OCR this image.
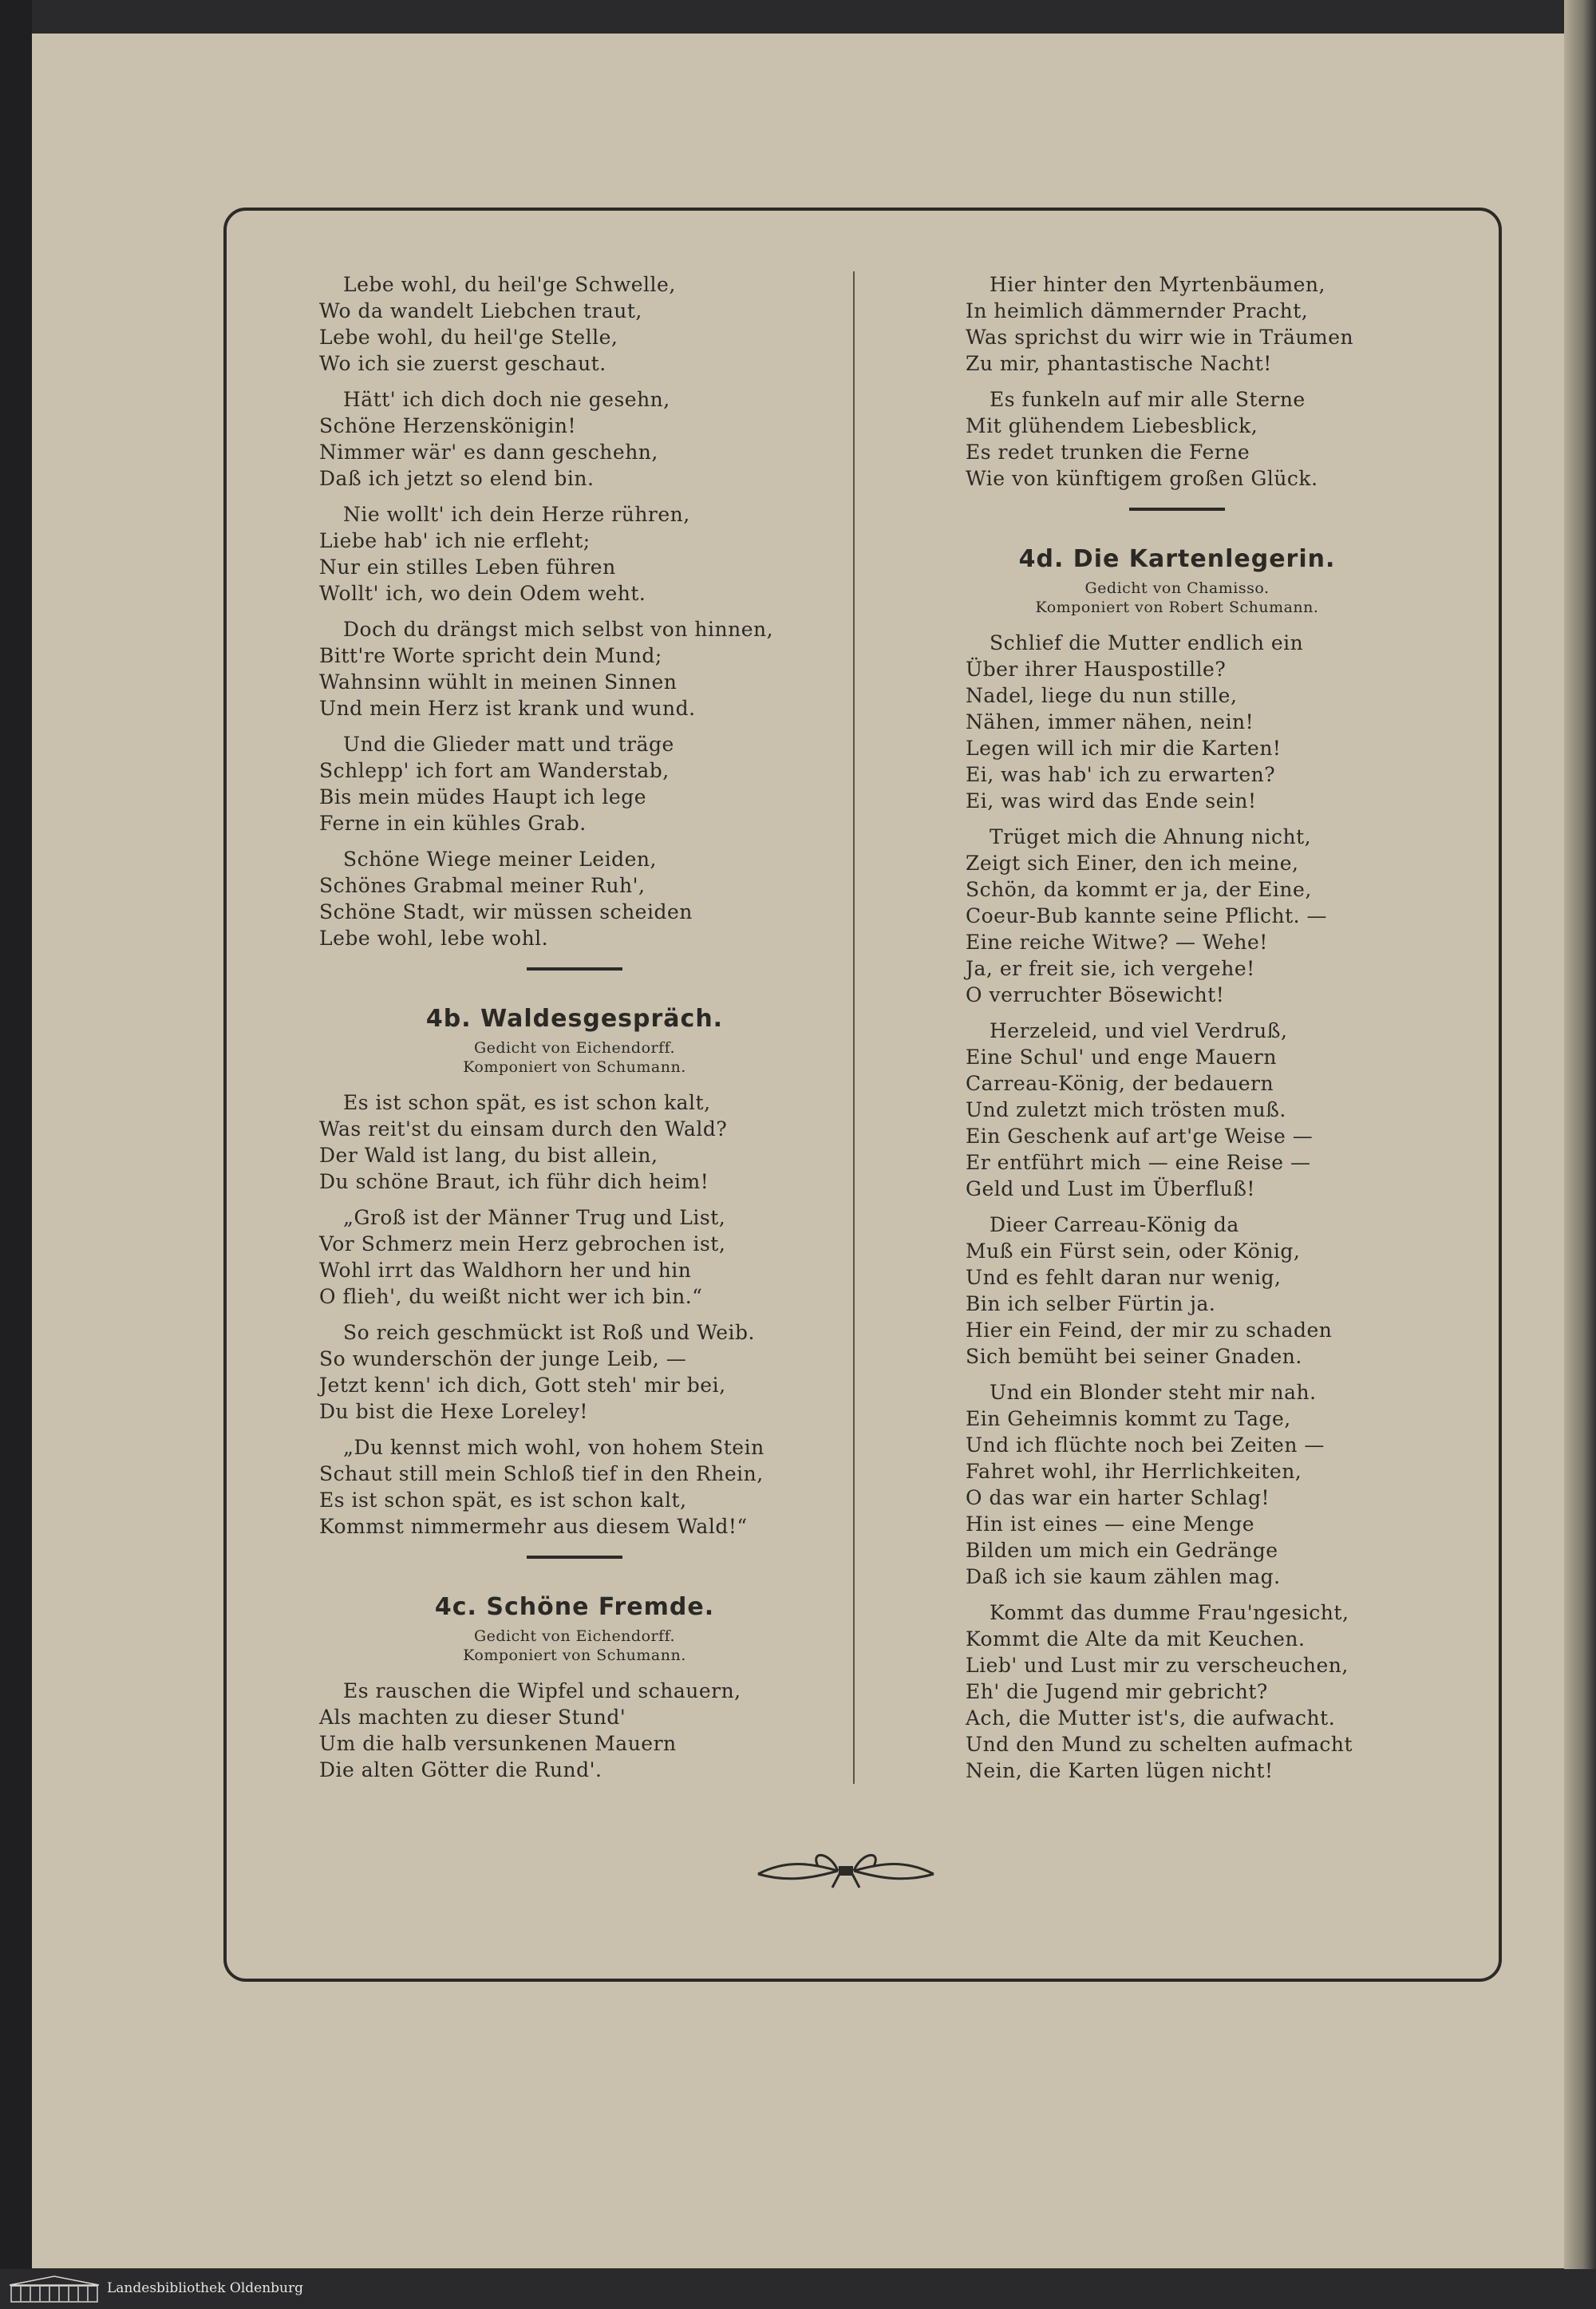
Lebe wohl, du heil'ge Schwelle,
Wo da wandelt Liebchen traut,
Lebe wohl, du heil'ge Stelle,
Wo ich sie zuerst geschaut.
Hätt' ich dich doch nie gesehn,
Schöne Herzenskönigin!
Nimmer wär' es dann geschehn,
Daß ich jetzt so elend bin.
Nie wollt' ich dein Herze rühren,
Liebe hab' ich nie erfleht;
Nur ein stilles Leben führen
Wollt' ich, wo dein Odem weht.
Doch du drängst mich selbst von hinnen,
Bitt're Worte spricht dein Mund;
Wahnsinn wühlt in meinen Sinnen
Und mein Herz ist krank und wund.
Und die Glieder matt und träge
Schlepp' ich fort am Wanderstab,
Bis mein müdes Haupt ich lege
Ferne in ein kühles Grab.
Schöne Wiege meiner Leiden,
Schönes Grabmal meiner Ruh',
Schöne Stadt, wir müssen scheiden
Lebe wohl, lebe wohl.
4b. Waldesgespräch.

Gedicht von Eichendorff.

Komponiert von Schumann.

Es ist schon spät, es ist schon kalt,
Was reit'st du einsam durch den Wald?
Der Wald ist lang, du bist allein,
Du schöne Braut, ich führ dich heim!
„Groß ist der Männer Trug und List,
Vor Schmerz mein Herz gebrochen ist,
Wohl irrt das Waldhorn her und hin
O flieh', du weißt nicht wer ich bin.“
So reich geschmückt ist Roß und Weib.
So wunderschön der junge Leib, —
Jetzt kenn' ich dich, Gott steh' mir bei,
Du bist die Hexe Loreley!
„Du kennst mich wohl, von hohem Stein
Schaut still mein Schloß tief in den Rhein,
Es ist schon spät, es ist schon kalt,
Kommst nimmermehr aus diesem Wald!“
4c. Schöne Fremde.

Gedicht von Eichendorff.

Komponiert von Schumann.

Es rauschen die Wipfel und schauern,
Als machten zu dieser Stund'
Um die halb versunkenen Mauern
Die alten Götter die Rund'.
Hier hinter den Myrtenbäumen,
In heimlich dämmernder Pracht,
Was sprichst du wirr wie in Träumen
Zu mir, phantastische Nacht!
Es funkeln auf mir alle Sterne
Mit glühendem Liebesblick,
Es redet trunken die Ferne
Wie von künftigem großen Glück.
4d. Die Kartenlegerin.

Gedicht von Chamisso.

Komponiert von Robert Schumann.

Schlief die Mutter endlich ein
Über ihrer Hauspostille?
Nadel, liege du nun stille,
Nähen, immer nähen, nein!
Legen will ich mir die Karten!
Ei, was hab' ich zu erwarten?
Ei, was wird das Ende sein!
Trüget mich die Ahnung nicht,
Zeigt sich Einer, den ich meine,
Schön, da kommt er ja, der Eine,
Coeur-Bub kannte seine Pflicht. —
Eine reiche Witwe? — Wehe!
Ja, er freit sie, ich vergehe!
O verruchter Bösewicht!
Herzeleid, und viel Verdruß,
Eine Schul' und enge Mauern
Carreau-König, der bedauern
Und zuletzt mich trösten muß.
Ein Geschenk auf art'ge Weise —
Er entführt mich — eine Reise —
Geld und Lust im Überfluß!
Dieer Carreau-König da
Muß ein Fürst sein, oder König,
Und es fehlt daran nur wenig,
Bin ich selber Fürtin ja.
Hier ein Feind, der mir zu schaden
Sich bemüht bei seiner Gnaden.
Und ein Blonder steht mir nah.
Ein Geheimnis kommt zu Tage,
Und ich flüchte noch bei Zeiten —
Fahret wohl, ihr Herrlichkeiten,
O das war ein harter Schlag!
Hin ist eines — eine Menge
Bilden um mich ein Gedränge
Daß ich sie kaum zählen mag.
Kommt das dumme Frau'ngesicht,
Kommt die Alte da mit Keuchen.
Lieb' und Lust mir zu verscheuchen,
Eh' die Jugend mir gebricht?
Ach, die Mutter ist's, die aufwacht.
Und den Mund zu schelten aufmacht
Nein, die Karten lügen nicht!
Landesbibliothek Oldenburg
